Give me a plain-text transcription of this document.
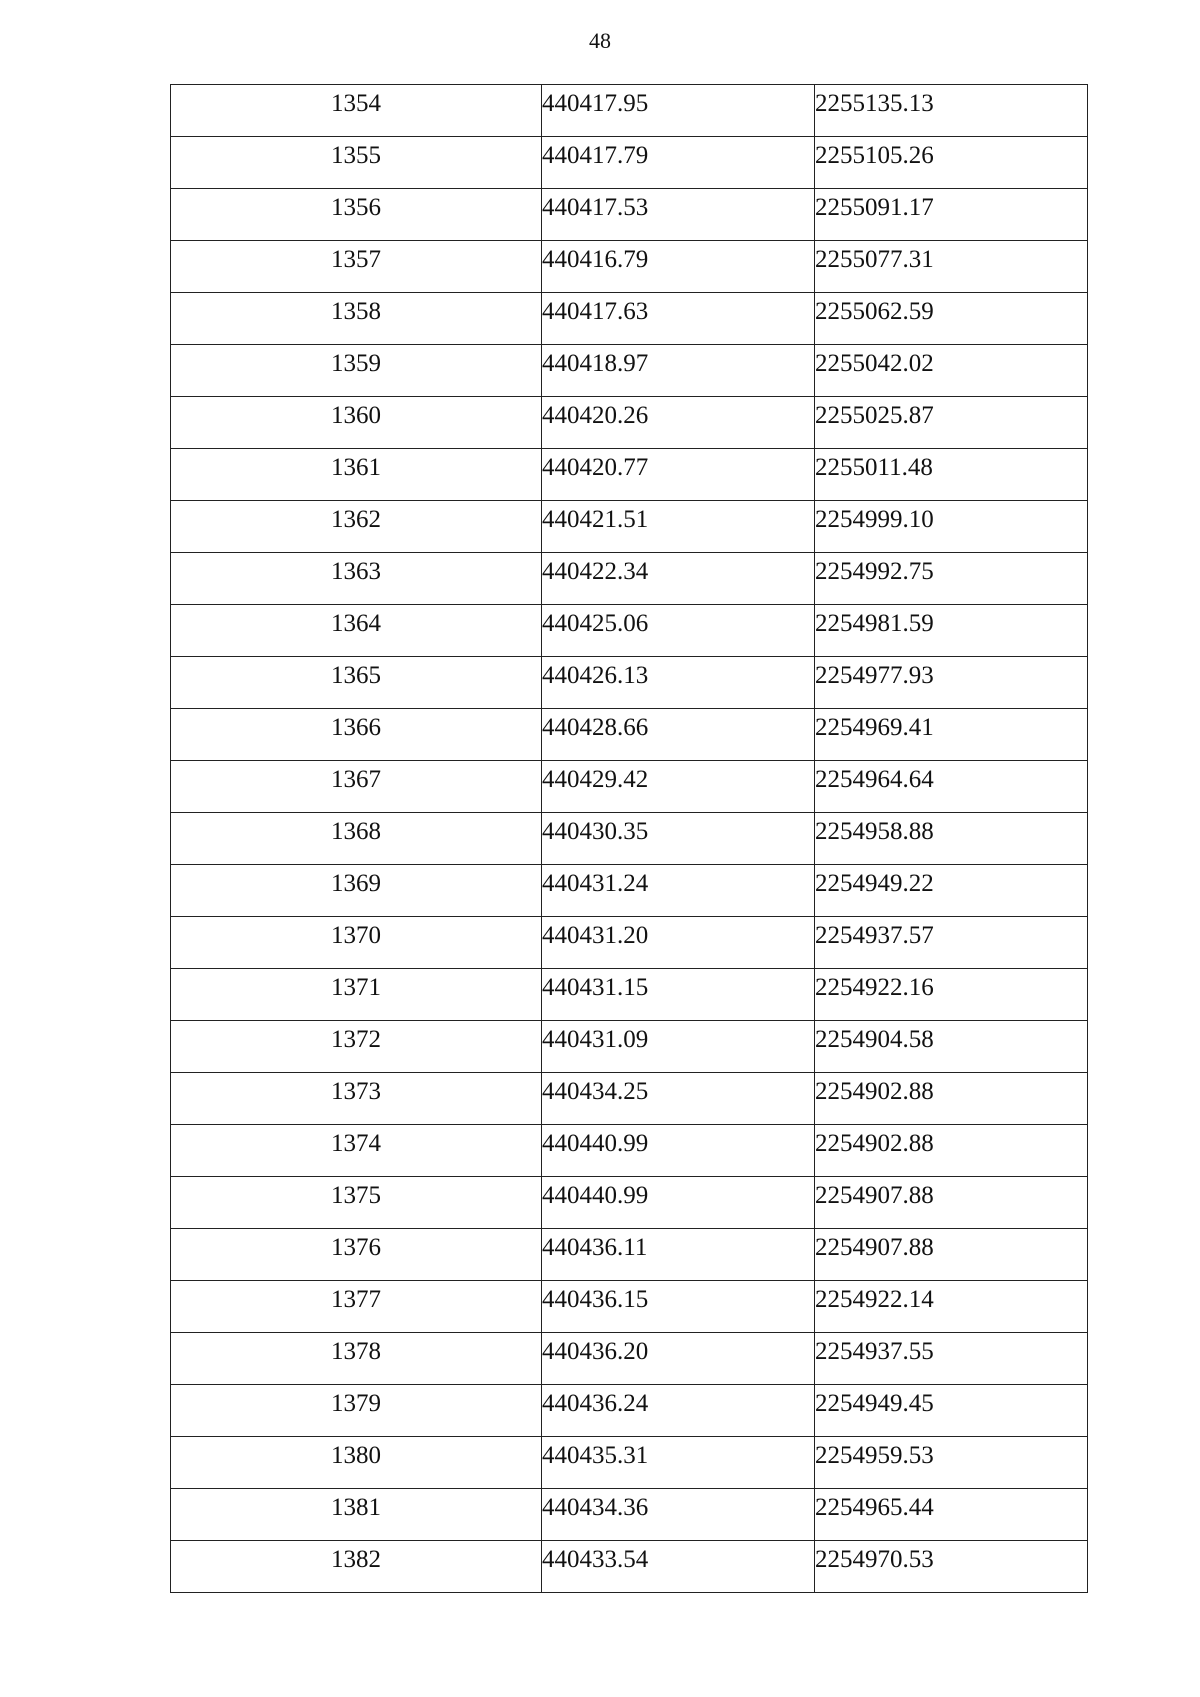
48
1354	440417.95	2255135.13
1355	440417.79	2255105.26
1356	440417.53	2255091.17
1357	440416.79	2255077.31
1358	440417.63	2255062.59
1359	440418.97	2255042.02
1360	440420.26	2255025.87
1361	440420.77	2255011.48
1362	440421.51	2254999.10
1363	440422.34	2254992.75
1364	440425.06	2254981.59
1365	440426.13	2254977.93
1366	440428.66	2254969.41
1367	440429.42	2254964.64
1368	440430.35	2254958.88
1369	440431.24	2254949.22
1370	440431.20	2254937.57
1371	440431.15	2254922.16
1372	440431.09	2254904.58
1373	440434.25	2254902.88
1374	440440.99	2254902.88
1375	440440.99	2254907.88
1376	440436.11	2254907.88
1377	440436.15	2254922.14
1378	440436.20	2254937.55
1379	440436.24	2254949.45
1380	440435.31	2254959.53
1381	440434.36	2254965.44
1382	440433.54	2254970.53
